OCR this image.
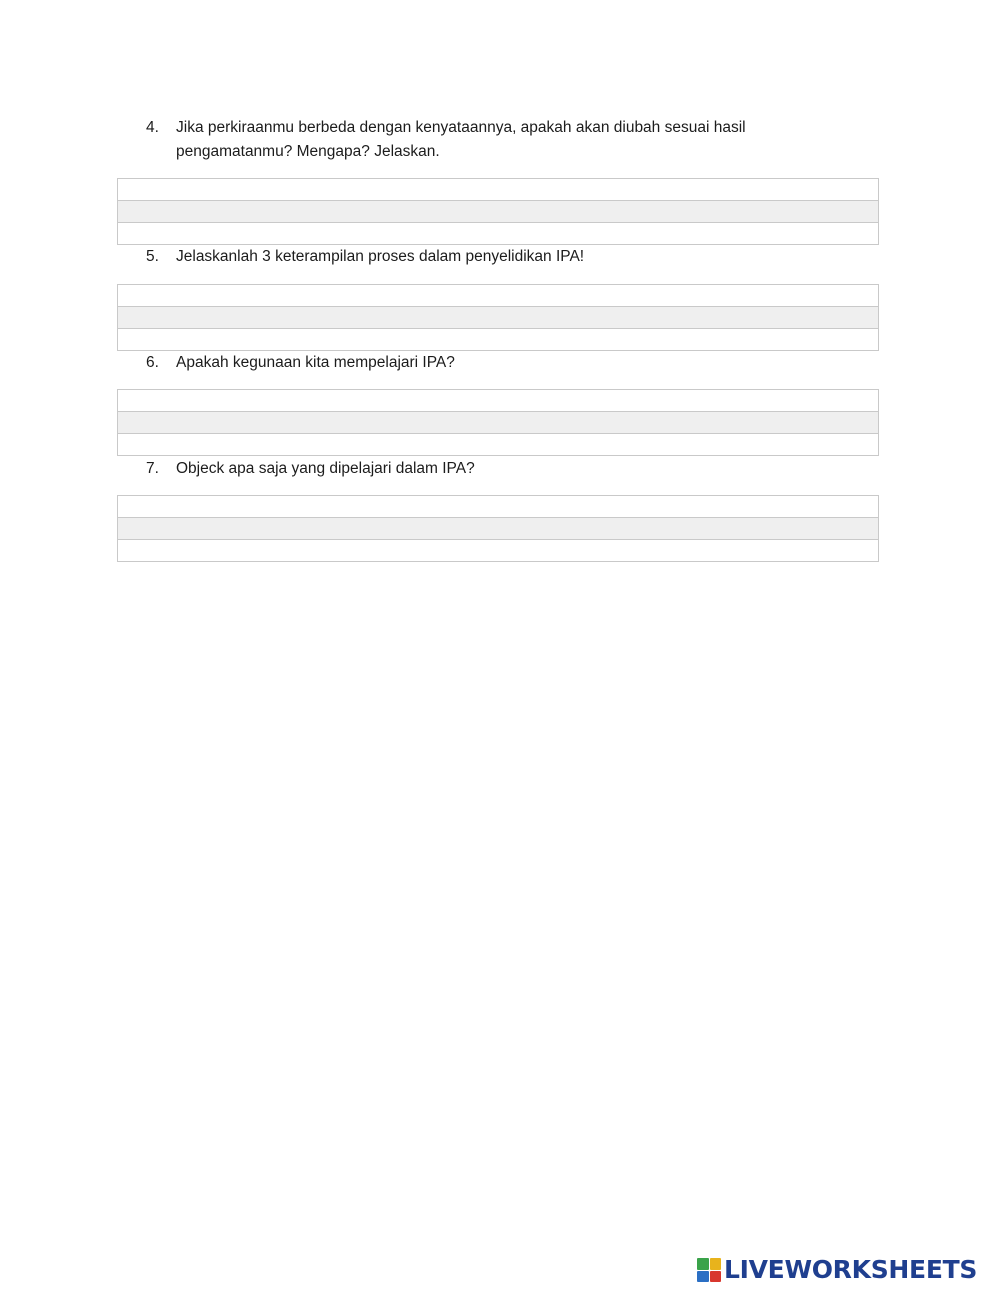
4.	Jika perkiraanmu berbeda dengan kenyataannya, apakah akan diubah sesuai hasil pengamatanmu? Mengapa? Jelaskan.
5.	Jelaskanlah 3 keterampilan proses dalam penyelidikan IPA!
6.	Apakah kegunaan kita mempelajari IPA?
7.	Objeck apa saja yang dipelajari dalam IPA?
LIVEWORKSHEETS
